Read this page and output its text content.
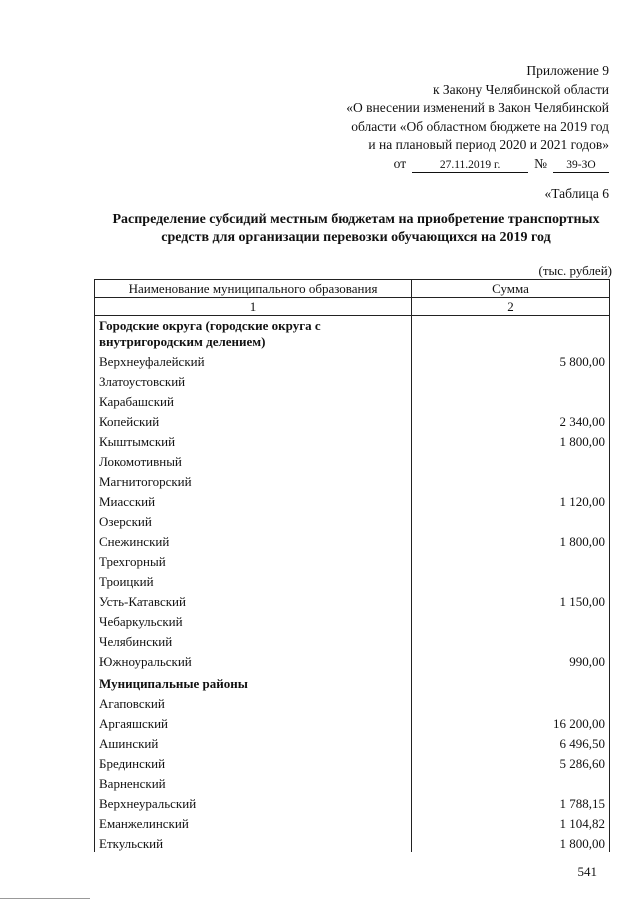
Приложение 9
к Закону Челябинской области
«О внесении изменений в Закон Челябинской
области «Об областном бюджете на 2019 год
и на плановый период 2020 и 2021 годов»
от	27.11.2019 г.	№	39-ЗО
«Таблица 6
Распределение субсидий местным бюджетам на приобретение транспортных средств для организации перевозки обучающихся на 2019 год
(тыс. рублей)
Наименование муниципального образования	Сумма
1	2
Городские округа (городские округа с внутригородским делением)	
Верхнеуфалейский	5 800,00
Златоустовский	
Карабашский	
Копейский	2 340,00
Кыштымский	1 800,00
Локомотивный	
Магнитогорский	
Миасский	1 120,00
Озерский	
Снежинский	1 800,00
Трехгорный	
Троицкий	
Усть-Катавский	1 150,00
Чебаркульский	
Челябинский	
Южноуральский	990,00
Муниципальные районы	
Агаповский	
Аргаяшский	16 200,00
Ашинский	6 496,50
Брединский	5 286,60
Варненский	
Верхнеуральский	1 788,15
Еманжелинский	1 104,82
Еткульский	1 800,00
541
